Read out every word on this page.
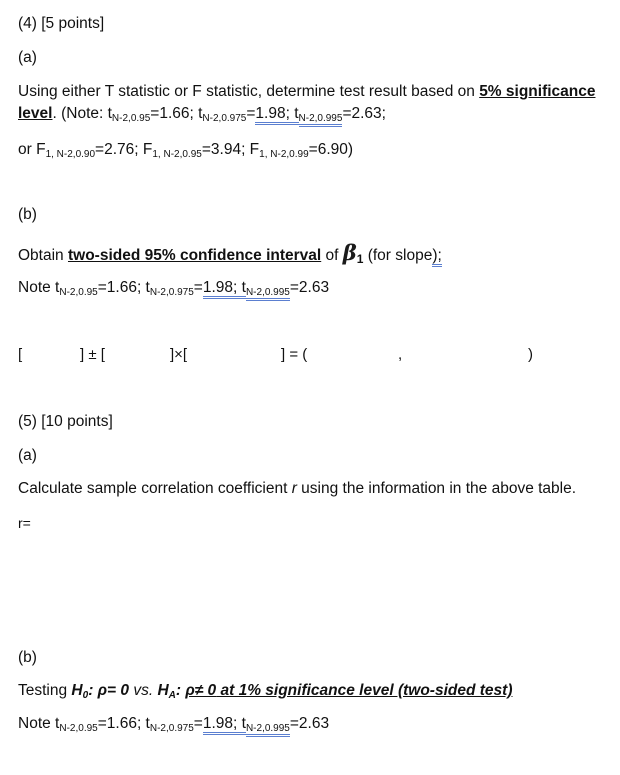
(4) [5 points]
(a)
Using either T statistic or F statistic, determine test result based on 5% significance
level. (Note: $t_{N-2,0.95}=1.66$; $t_{N-2,0.975}=1.98$; $t_{N-2,0.995}=2.63$;
or $F_{1, N-2,0.90}=2.76$; $F_{1, N-2,0.95}=3.94$; $F_{1, N-2,0.99}=6.90$)
(b)
Obtain two-sided 95% confidence interval of β1 (for slope);
Note $t_{N-2,0.95}=1.66$; $t_{N-2,0.975}=1.98$; $t_{N-2,0.995}=2.63$
[	] ± [	]×[	] = (	,	)
(5) [10 points]
(a)
Calculate sample correlation coefficient r using the information in the above table.
r=
(b)
Testing $H_0$: ρ= 0 vs. $H_A$: ρ≠ 0 at 1% significance level (two-sided test)
Note $t_{N-2,0.95}=1.66$; $t_{N-2,0.975}=1.98$; $t_{N-2,0.995}=2.63$
